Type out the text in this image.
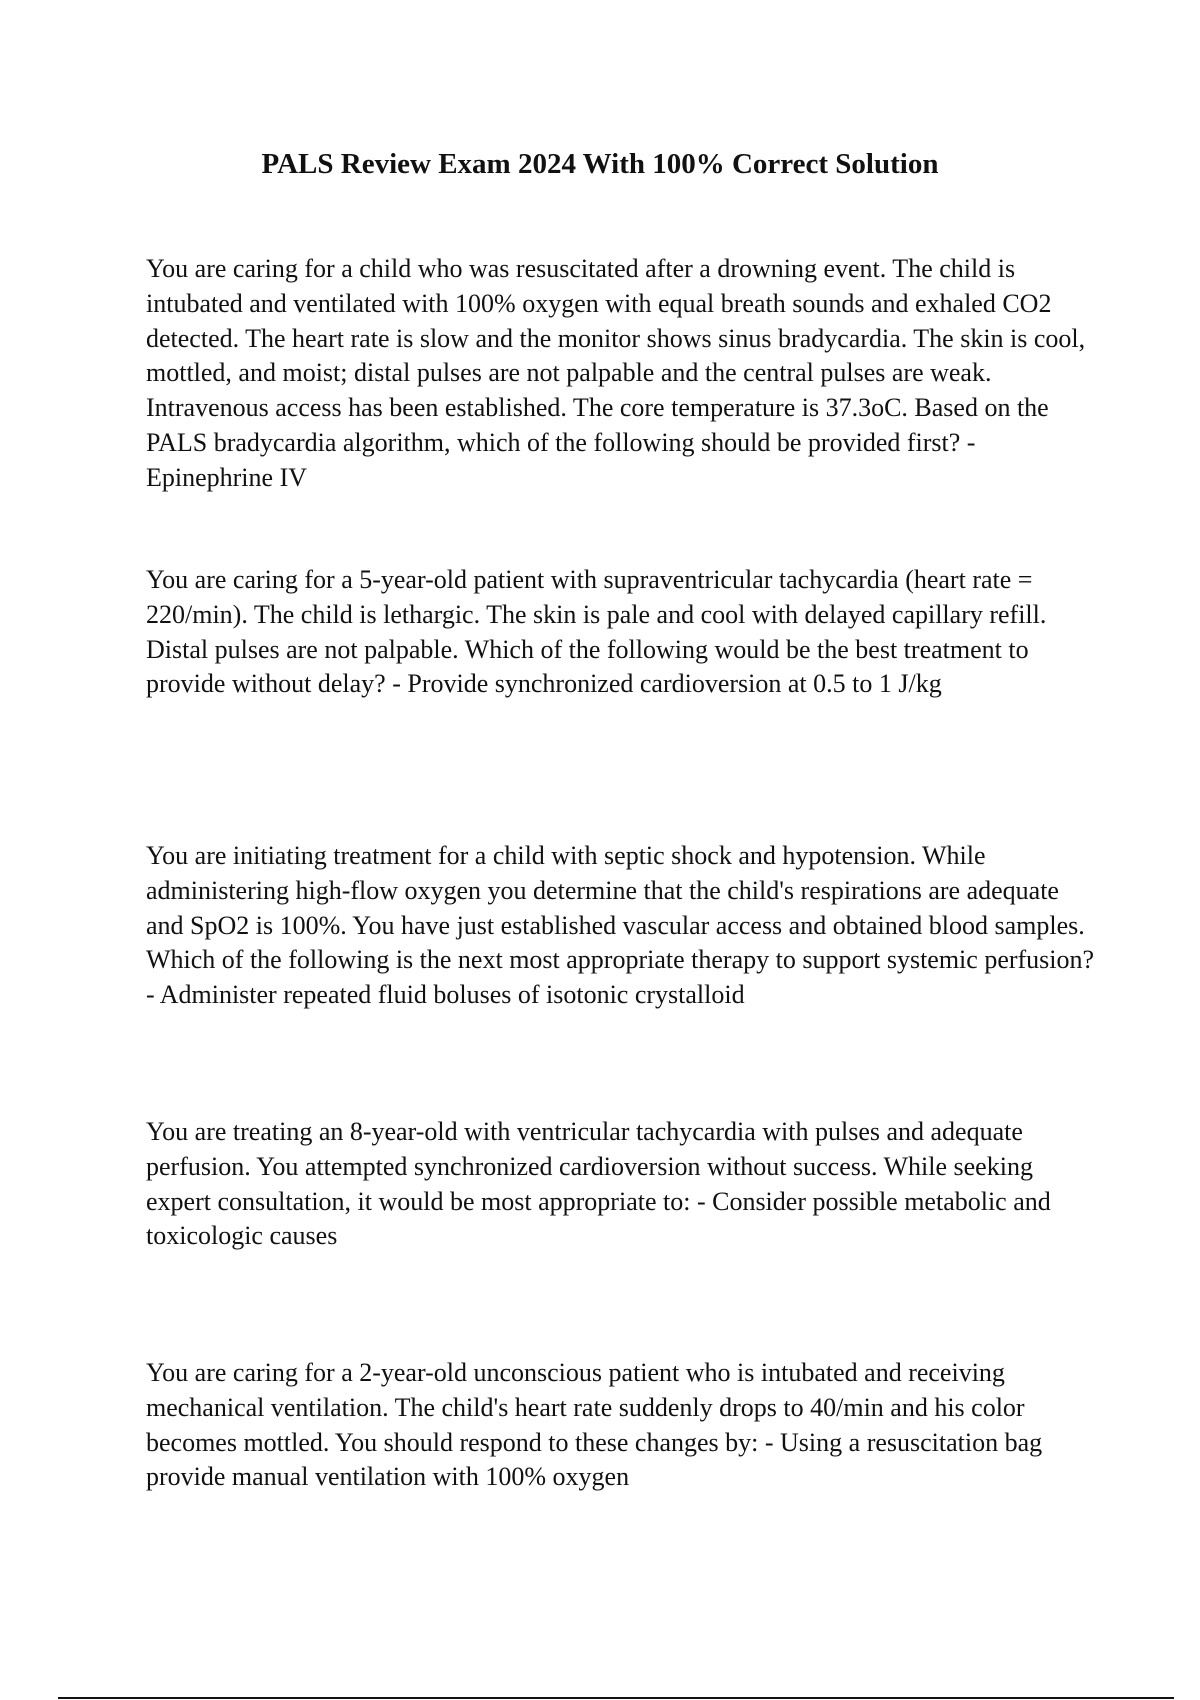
PALS Review Exam 2024 With 100% Correct Solution

You are caring for a child who was resuscitated after a drowning event. The child is intubated and ventilated with 100% oxygen with equal breath sounds and exhaled CO2 detected. The heart rate is slow and the monitor shows sinus bradycardia. The skin is cool, mottled, and moist; distal pulses are not palpable and the central pulses are weak. Intravenous access has been established. The core temperature is 37.3oC. Based on the PALS bradycardia algorithm, which of the following should be provided first? - Epinephrine IV

You are caring for a 5-year-old patient with supraventricular tachycardia (heart rate = 220/min). The child is lethargic. The skin is pale and cool with delayed capillary refill. Distal pulses are not palpable. Which of the following would be the best treatment to provide without delay? - Provide synchronized cardioversion at 0.5 to 1 J/kg

You are initiating treatment for a child with septic shock and hypotension. While administering high-flow oxygen you determine that the child's respirations are adequate and SpO2 is 100%. You have just established vascular access and obtained blood samples. Which of the following is the next most appropriate therapy to support systemic perfusion? - Administer repeated fluid boluses of isotonic crystalloid

You are treating an 8-year-old with ventricular tachycardia with pulses and adequate perfusion. You attempted synchronized cardioversion without success. While seeking expert consultation, it would be most appropriate to: - Consider possible metabolic and toxicologic causes

You are caring for a 2-year-old unconscious patient who is intubated and receiving mechanical ventilation. The child's heart rate suddenly drops to 40/min and his color becomes mottled. You should respond to these changes by: - Using a resuscitation bag provide manual ventilation with 100% oxygen
